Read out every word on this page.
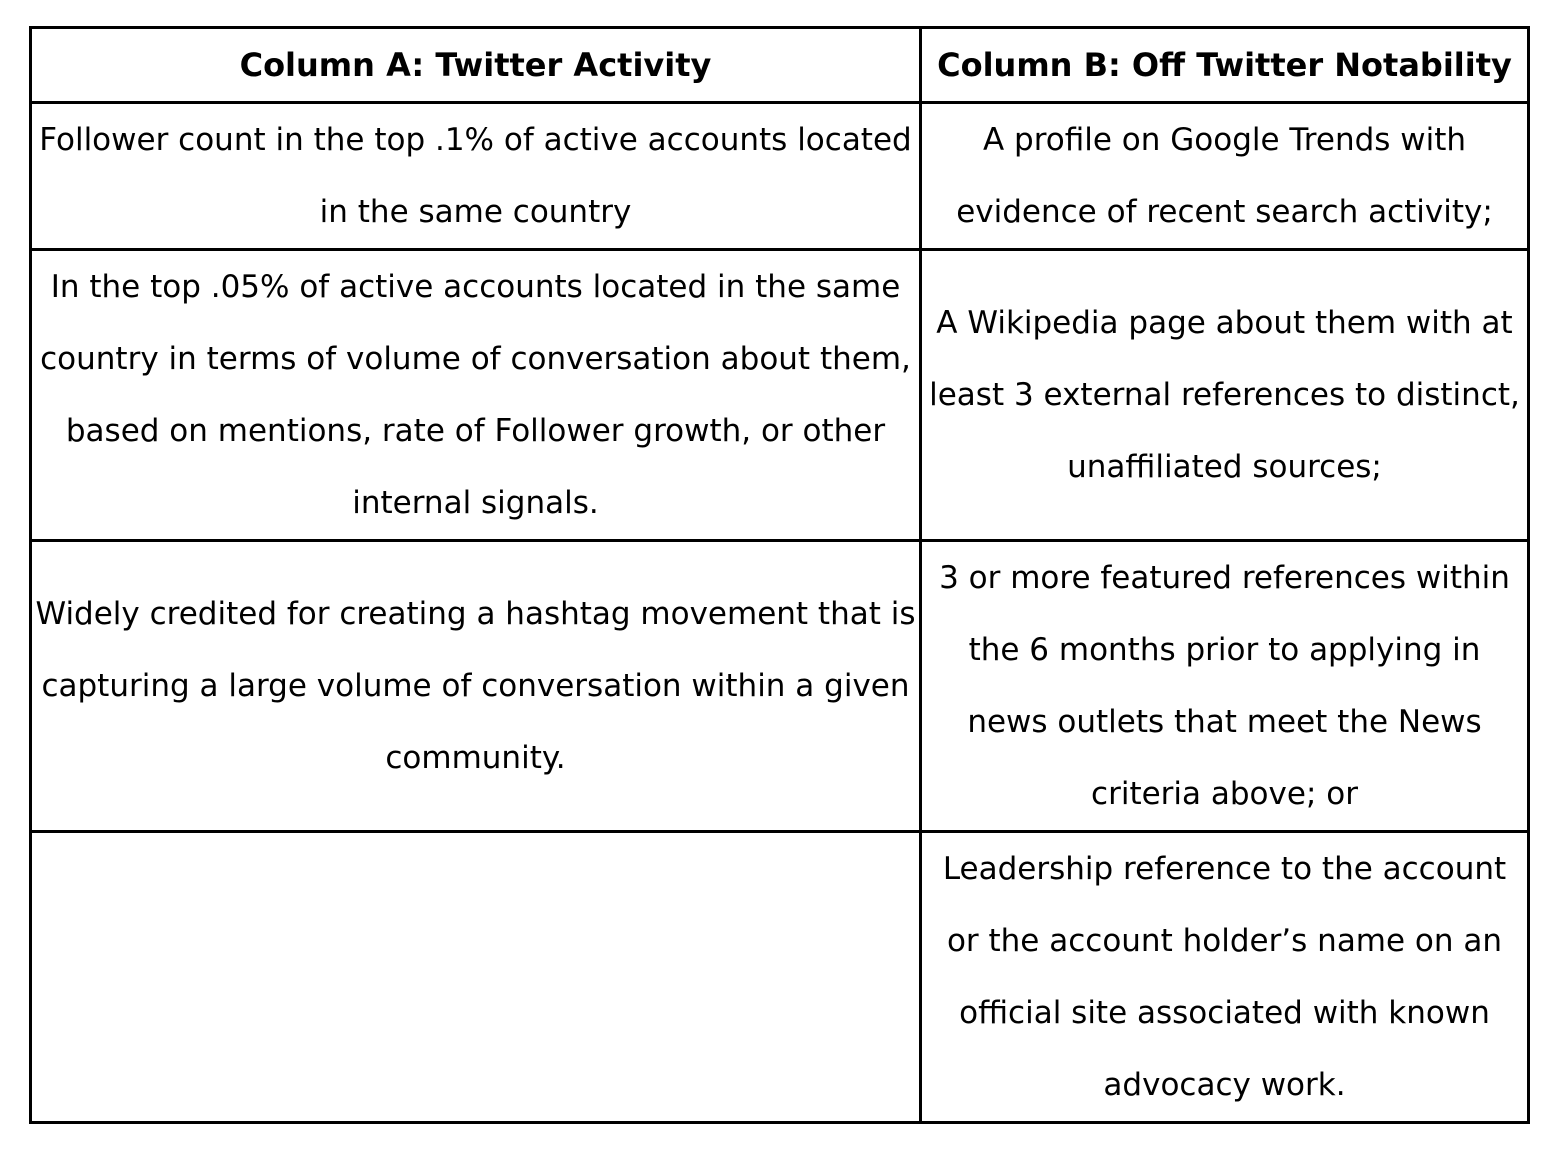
Column A: Twitter Activity	Column B: Off Twitter Notability
Follower count in the top .1% of active accounts located in the same country	A profile on Google Trends with evidence of recent search activity;
In the top .05% of active accounts located in the same country in terms of volume of conversation about them, based on mentions, rate of Follower growth, or other internal signals.	A Wikipedia page about them with at least 3 external references to distinct, unaffiliated sources;
Widely credited for creating a hashtag movement that is capturing a large volume of conversation within a given community.	3 or more featured references within the 6 months prior to applying in news outlets that meet the News criteria above; or
	Leadership reference to the account or the account holder’s name on an official site associated with known advocacy work.
